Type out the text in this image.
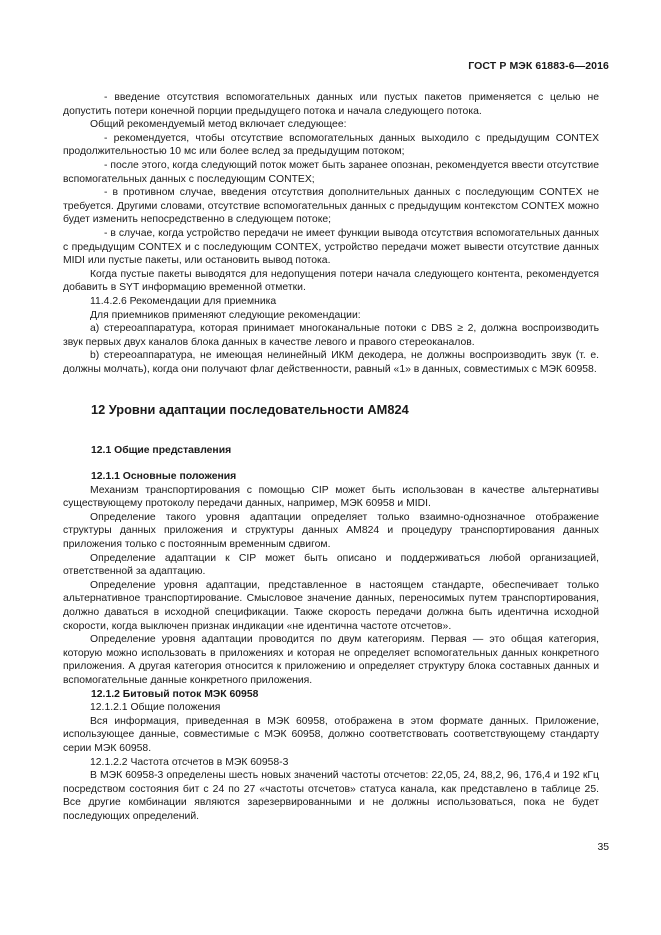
ГОСТ Р МЭК 61883-6—2016

- введение отсутствия вспомогательных данных или пустых пакетов применяется с целью не допустить потери конечной порции предыдущего потока и начала следующего потока.

Общий рекомендуемый метод включает следующее:

- рекомендуется, чтобы отсутствие вспомогательных данных выходило с предыдущим CONTEX продолжительностью 10 мс или более вслед за предыдущим потоком;

- после этого, когда следующий поток может быть заранее опознан, рекомендуется ввести отсутствие вспомогательных данных с последующим CONTEX;

- в противном случае, введения отсутствия дополнительных данных с последующим CONTEX не требуется. Другими словами, отсутствие вспомогательных данных с предыдущим контекстом CONTEX можно будет изменить непосредственно в следующем потоке;

- в случае, когда устройство передачи не имеет функции вывода отсутствия вспомогательных данных с предыдущим CONTEX и с последующим CONTEX, устройство передачи может вывести отсутствие данных MIDI или пустые пакеты, или остановить вывод потока.

Когда пустые пакеты выводятся для недопущения потери начала следующего контента, рекомендуется добавить в SYT информацию временной отметки.

11.4.2.6 Рекомендации для приемника

Для приемников применяют следующие рекомендации:

a) стереоаппаратура, которая принимает многоканальные потоки с DBS ≥ 2, должна воспроизводить звук первых двух каналов блока данных в качестве левого и правого стереоканалов.

b) стереоаппаратура, не имеющая нелинейный ИКМ декодера, не должны воспроизводить звук (т. е. должны молчать), когда они получают флаг действенности, равный «1» в данных, совместимых с МЭК 60958.

12 Уровни адаптации последовательности AM824

12.1 Общие представления

12.1.1 Основные положения

Механизм транспортирования с помощью CIP может быть использован в качестве альтернативы существующему протоколу передачи данных, например, МЭК 60958 и MIDI.

Определение такого уровня адаптации определяет только взаимно-однозначное отображение структуры данных приложения и структуры данных AM824 и процедуру транспортирования данных приложения только с постоянным временным сдвигом.

Определение адаптации к CIP может быть описано и поддерживаться любой организацией, ответственной за адаптацию.

Определение уровня адаптации, представленное в настоящем стандарте, обеспечивает только альтернативное транспортирование. Смысловое значение данных, переносимых путем транспортирования, должно даваться в исходной спецификации. Также скорость передачи должна быть идентична исходной скорости, когда выключен признак индикации «не идентична частоте отсчетов».

Определение уровня адаптации проводится по двум категориям. Первая — это общая категория, которую можно использовать в приложениях и которая не определяет вспомогательных данных конкретного приложения. А другая категория относится к приложению и определяет структуру блока составных данных и вспомогательные данные конкретного приложения.

12.1.2 Битовый поток МЭК 60958

12.1.2.1 Общие положения

Вся информация, приведенная в МЭК 60958, отображена в этом формате данных. Приложение, использующее данные, совместимые с МЭК 60958, должно соответствовать соответствующему стандарту серии МЭК 60958.

12.1.2.2 Частота отсчетов в МЭК 60958-3

В МЭК 60958-3 определены шесть новых значений частоты отсчетов: 22,05, 24, 88,2, 96, 176,4 и 192 кГц посредством состояния бит с 24 по 27 «частоты отсчетов» статуса канала, как представлено в таблице 25. Все другие комбинации являются зарезервированными и не должны использоваться, пока не будет последующих определений.

35
